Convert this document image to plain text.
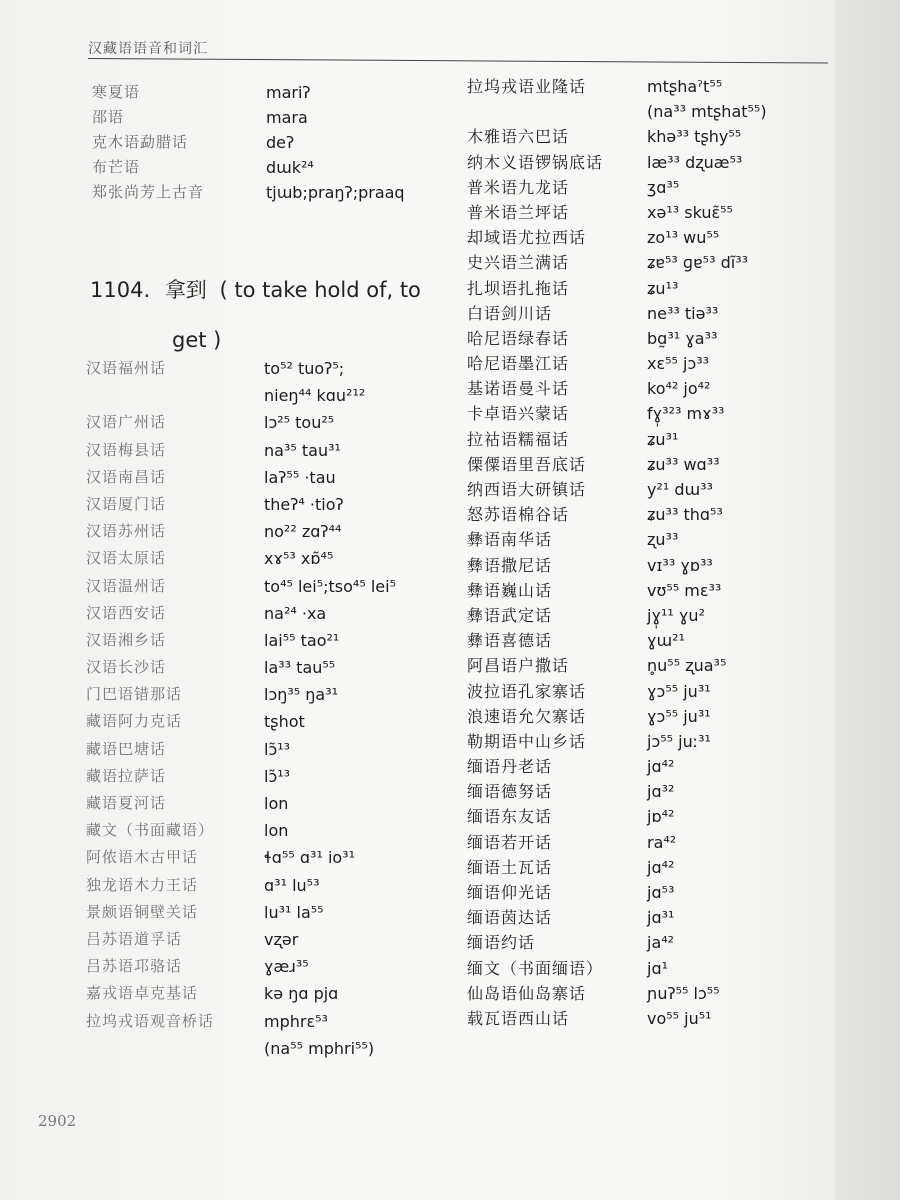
汉藏语语音和词汇
寒夏语	mariʔ
邵语	mara
克木语勐腊话	deʔ
布芒语	dɯk²⁴
郑张尚芳上古音	tjɯb;praŋʔ;praaq
1104. 拿到 ( to take hold of, to
get )
汉语福州话	to⁵² tuoʔ⁵;
nieŋ⁴⁴ kɑu²¹²
汉语广州话	lɔ²⁵ tou²⁵
汉语梅县话	na³⁵ tau³¹
汉语南昌话	laʔ⁵⁵ ·tau
汉语厦门话	theʔ⁴ ·tioʔ
汉语苏州话	no²² zɑʔ⁴⁴
汉语太原话	xɤ⁵³ xɒ̃⁴⁵
汉语温州话	to⁴⁵ lei⁵;tso⁴⁵ lei⁵
汉语西安话	na²⁴ ·xa
汉语湘乡话	lai⁵⁵ tao²¹
汉语长沙话	la³³ tau⁵⁵
门巴语错那话	lɔŋ³⁵ ŋa³¹
藏语阿力克话	tʂhot
藏语巴塘话	lɔ̃¹³
藏语拉萨话	lɔ̃¹³
藏语夏河话	lon
藏文（书面藏语）	lon
阿侬语木古甲话	ɬɑ⁵⁵ ɑ³¹ io³¹
独龙语木力王话	ɑ³¹ lu⁵³
景颇语铜壁关话	lu³¹ la⁵⁵
吕苏语道孚话	vʐər
吕苏语邛骆话	ɣæɹ³⁵
嘉戎语卓克基话	kə ŋɑ pjɑ
拉坞戎语观音桥话	mphrɛ⁵³
(na⁵⁵ mphri⁵⁵)
拉坞戎语业隆话	mtʂhaˀt⁵⁵
(na³³ mtʂhat⁵⁵)
木雅语六巴话	khə³³ tʂhy⁵⁵
纳木义语锣锅底话	læ³³ dʐuæ⁵³
普米语九龙话	ʒɑ³⁵
普米语兰坪话	xə¹³ skuɛ̃⁵⁵
却域语尤拉西话	zo¹³ wu⁵⁵
史兴语兰满话	ʑɐ⁵³ ɡɐ⁵³ dĩ³³
扎坝语扎拖话	ʑu¹³
白语剑川话	ne³³ tiə³³
哈尼语绿春话	bɑ̰³¹ ɣa³³
哈尼语墨江话	xɛ⁵⁵ jɔ³³
基诺语曼斗话	ko⁴² jo⁴²
卡卓语兴蒙话	fɣ̩³²³ mɤ³³
拉祜语糯福话	ʑu³¹
傈僳语里吾底话	ʑu³³ wɑ³³
纳西语大研镇话	y²¹ dɯ³³
怒苏语棉谷话	ʑu³³ thɑ⁵³
彝语南华话	ʐu³³
彝语撒尼话	vɪ³³ ɣɒ³³
彝语巍山话	vʊ⁵⁵ mɛ³³
彝语武定话	jɣ̩¹¹ ɣu²
彝语喜德话	ɣɯ²¹
阿昌语户撒话	n̥u⁵⁵ ʐua³⁵
波拉语孔家寨话	ɣɔ⁵⁵ ju³¹
浪速语允欠寨话	ɣɔ⁵⁵ ju³¹
勒期语中山乡话	jɔ⁵⁵ juː³¹
缅语丹老话	jɑ⁴²
缅语德努话	jɑ³²
缅语东友话	jɒ⁴²
缅语若开话	ra⁴²
缅语土瓦话	jɑ⁴²
缅语仰光话	jɑ⁵³
缅语茵达话	jɑ³¹
缅语约话	ja⁴²
缅文（书面缅语）	jɑ¹
仙岛语仙岛寨话	ɲuʔ⁵⁵ lɔ⁵⁵
载瓦语西山话	vo⁵⁵ ju⁵¹
2902
